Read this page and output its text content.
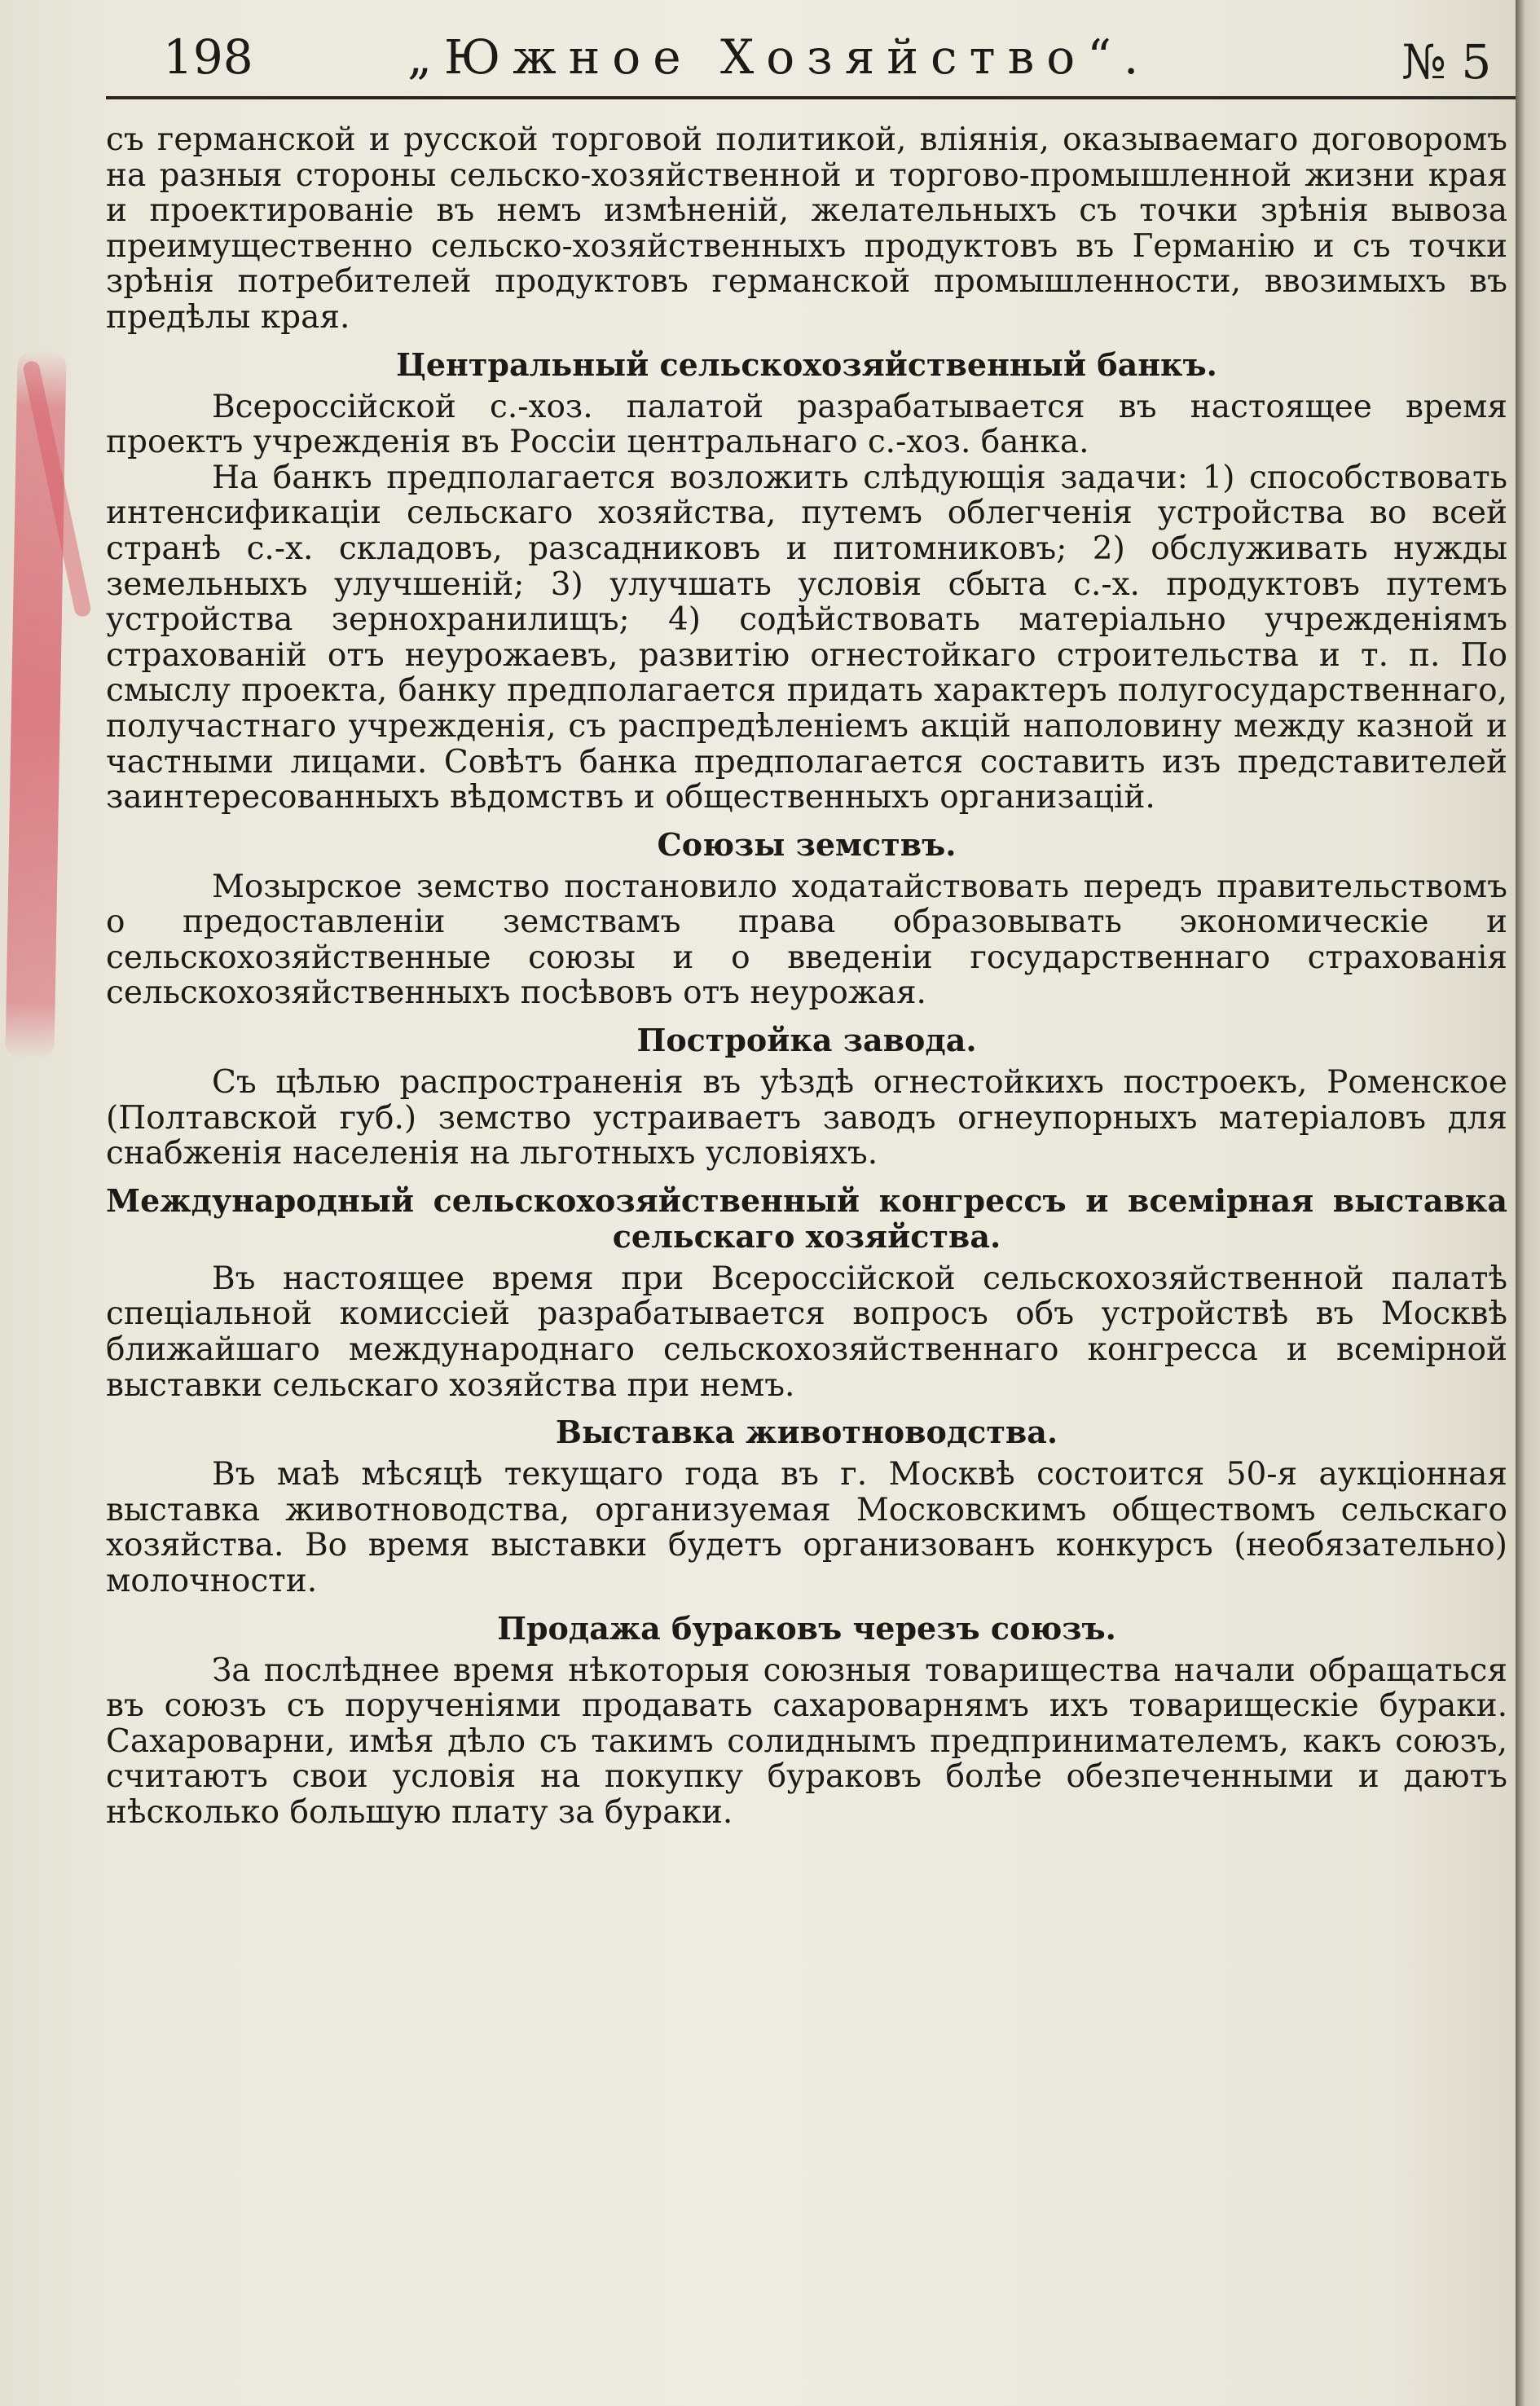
198	„Южное Хозяйство“.	№ 5

съ германской и русской торговой политикой, вліянія, оказываемаго договоромъ на разныя стороны сельско-хозяйственной и торгово-промышленной жизни края и проектированіе въ немъ измѣненій, желательныхъ съ точки зрѣнія вывоза преимущественно сельско-хозяйственныхъ продуктовъ въ Германію и съ точки зрѣнія потребителей продуктовъ германской промышленности, ввозимыхъ въ предѣлы края.

Центральный сельскохозяйственный банкъ.

Всероссійской с.-хоз. палатой разрабатывается въ настоящее время проектъ учрежденія въ Россіи центральнаго с.-хоз. банка.

На банкъ предполагается возложить слѣдующія задачи: 1) способствовать интенсификаціи сельскаго хозяйства, путемъ облегченія устройства во всей странѣ с.-х. складовъ, разсадниковъ и питомниковъ; 2) обслуживать нужды земельныхъ улучшеній; 3) улучшать условія сбыта с.-х. продуктовъ путемъ устройства зернохранилищъ; 4) содѣйствовать матеріально учрежденіямъ страхованій отъ неурожаевъ, развитію огнестойкаго строительства и т. п. По смыслу проекта, банку предполагается придать характеръ полугосударственнаго, получастнаго учрежденія, съ распредѣленіемъ акцій наполовину между казной и частными лицами. Совѣтъ банка предполагается составить изъ представителей заинтересованныхъ вѣдомствъ и общественныхъ организацій.

Союзы земствъ.

Мозырское земство постановило ходатайствовать передъ правительствомъ о предоставленіи земствамъ права образовывать экономическіе и сельскохозяйственные союзы и о введеніи государственнаго страхованія сельскохозяйственныхъ посѣвовъ отъ неурожая.

Постройка завода.

Съ цѣлью распространенія въ уѣздѣ огнестойкихъ построекъ, Роменское (Полтавской губ.) земство устраиваетъ заводъ огнеупорныхъ матеріаловъ для снабженія населенія на льготныхъ условіяхъ.

Международный сельскохозяйственный конгрессъ и всемірная выставка сельскаго хозяйства.

Въ настоящее время при Всероссійской сельскохозяйственной палатѣ спеціальной комиссіей разрабатывается вопросъ объ устройствѣ въ Москвѣ ближайшаго международнаго сельскохозяйственнаго конгресса и всемірной выставки сельскаго хозяйства при немъ.

Выставка животноводства.

Въ маѣ мѣсяцѣ текущаго года въ г. Москвѣ состоится 50-я аукціонная выставка животноводства, организуемая Московскимъ обществомъ сельскаго хозяйства. Во время выставки будетъ организованъ конкурсъ (необязательно) молочности.

Продажа бураковъ черезъ союзъ.

За послѣднее время нѣкоторыя союзныя товарищества начали обращаться въ союзъ съ порученіями продавать сахароварнямъ ихъ товарищескіе бураки. Сахароварни, имѣя дѣло съ такимъ солиднымъ предпринимателемъ, какъ союзъ, считаютъ свои условія на покупку бураковъ болѣе обезпеченными и даютъ нѣсколько большую плату за бураки.
